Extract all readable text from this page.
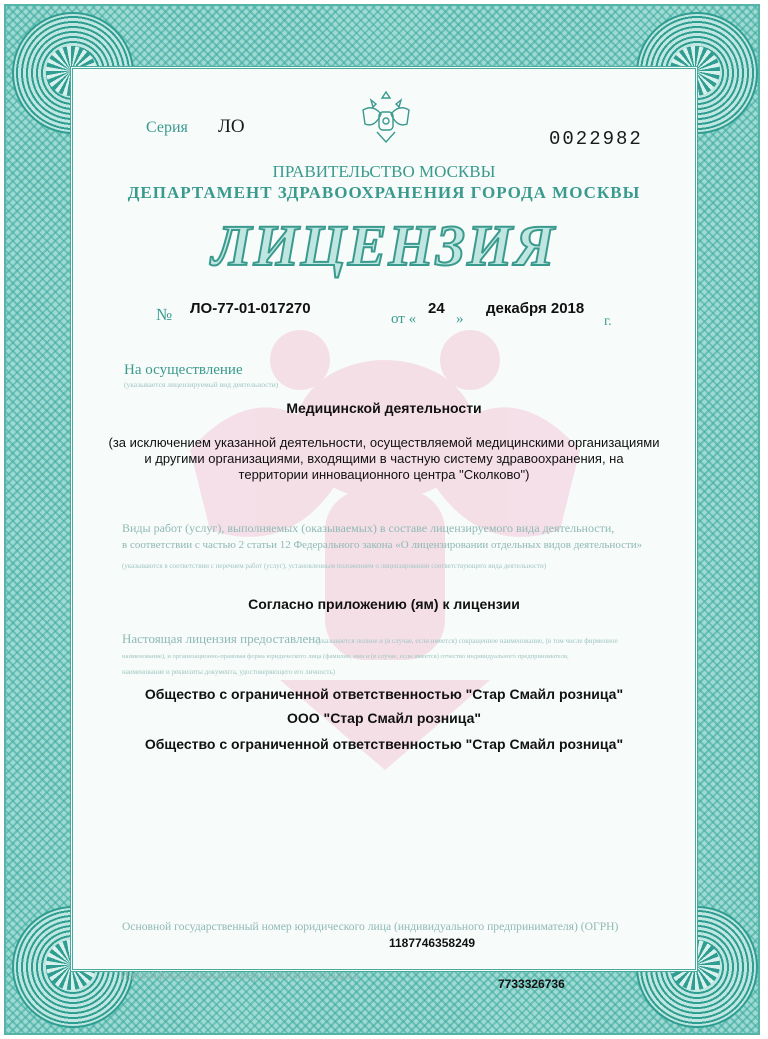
Серия ЛО
0022982
ПРАВИТЕЛЬСТВО МОСКВЫ
ДЕПАРТАМЕНТ ЗДРАВООХРАНЕНИЯ ГОРОДА МОСКВЫ
ЛИЦЕНЗИЯ
№ ЛО-77-01-017270
от «
24
»
декабря 2018
г.
На осуществление
(указывается лицензируемый вид деятельности)
Медицинской деятельности
(за исключением указанной деятельности, осуществляемой медицинскими организациями
и другими организациями, входящими в частную систему здравоохранения, на
территории инновационного центра "Сколково")
Виды работ (услуг), выполняемых (оказываемых) в составе лицензируемого вида деятельности,
в соответствии с частью 2 статьи 12 Федерального закона «О лицензировании отдельных видов деятельности»
(указываются в соответствии с перечнем работ (услуг), установленным положением о лицензировании соответствующего вида деятельности)
Согласно приложению (ям) к лицензии
Настоящая лицензия предоставлена
(указывается полное и (в случае, если имеется) сокращенное наименование, (в том числе фирменное
наименование), и организационно-правовая форма юридического лица (фамилия, имя и (в случае, если имеется) отчество индивидуального предпринимателя,
наименование и реквизиты документа, удостоверяющего его личность)
Общество с ограниченной ответственностью "Стар Смайл розница"
ООО "Стар Смайл розница"
Общество с ограниченной ответственностью "Стар Смайл розница"
Основной государственный номер юридического лица (индивидуального предпринимателя) (ОГРН)
1187746358249
Идентификационный номер налогоплательщика
7733326736
